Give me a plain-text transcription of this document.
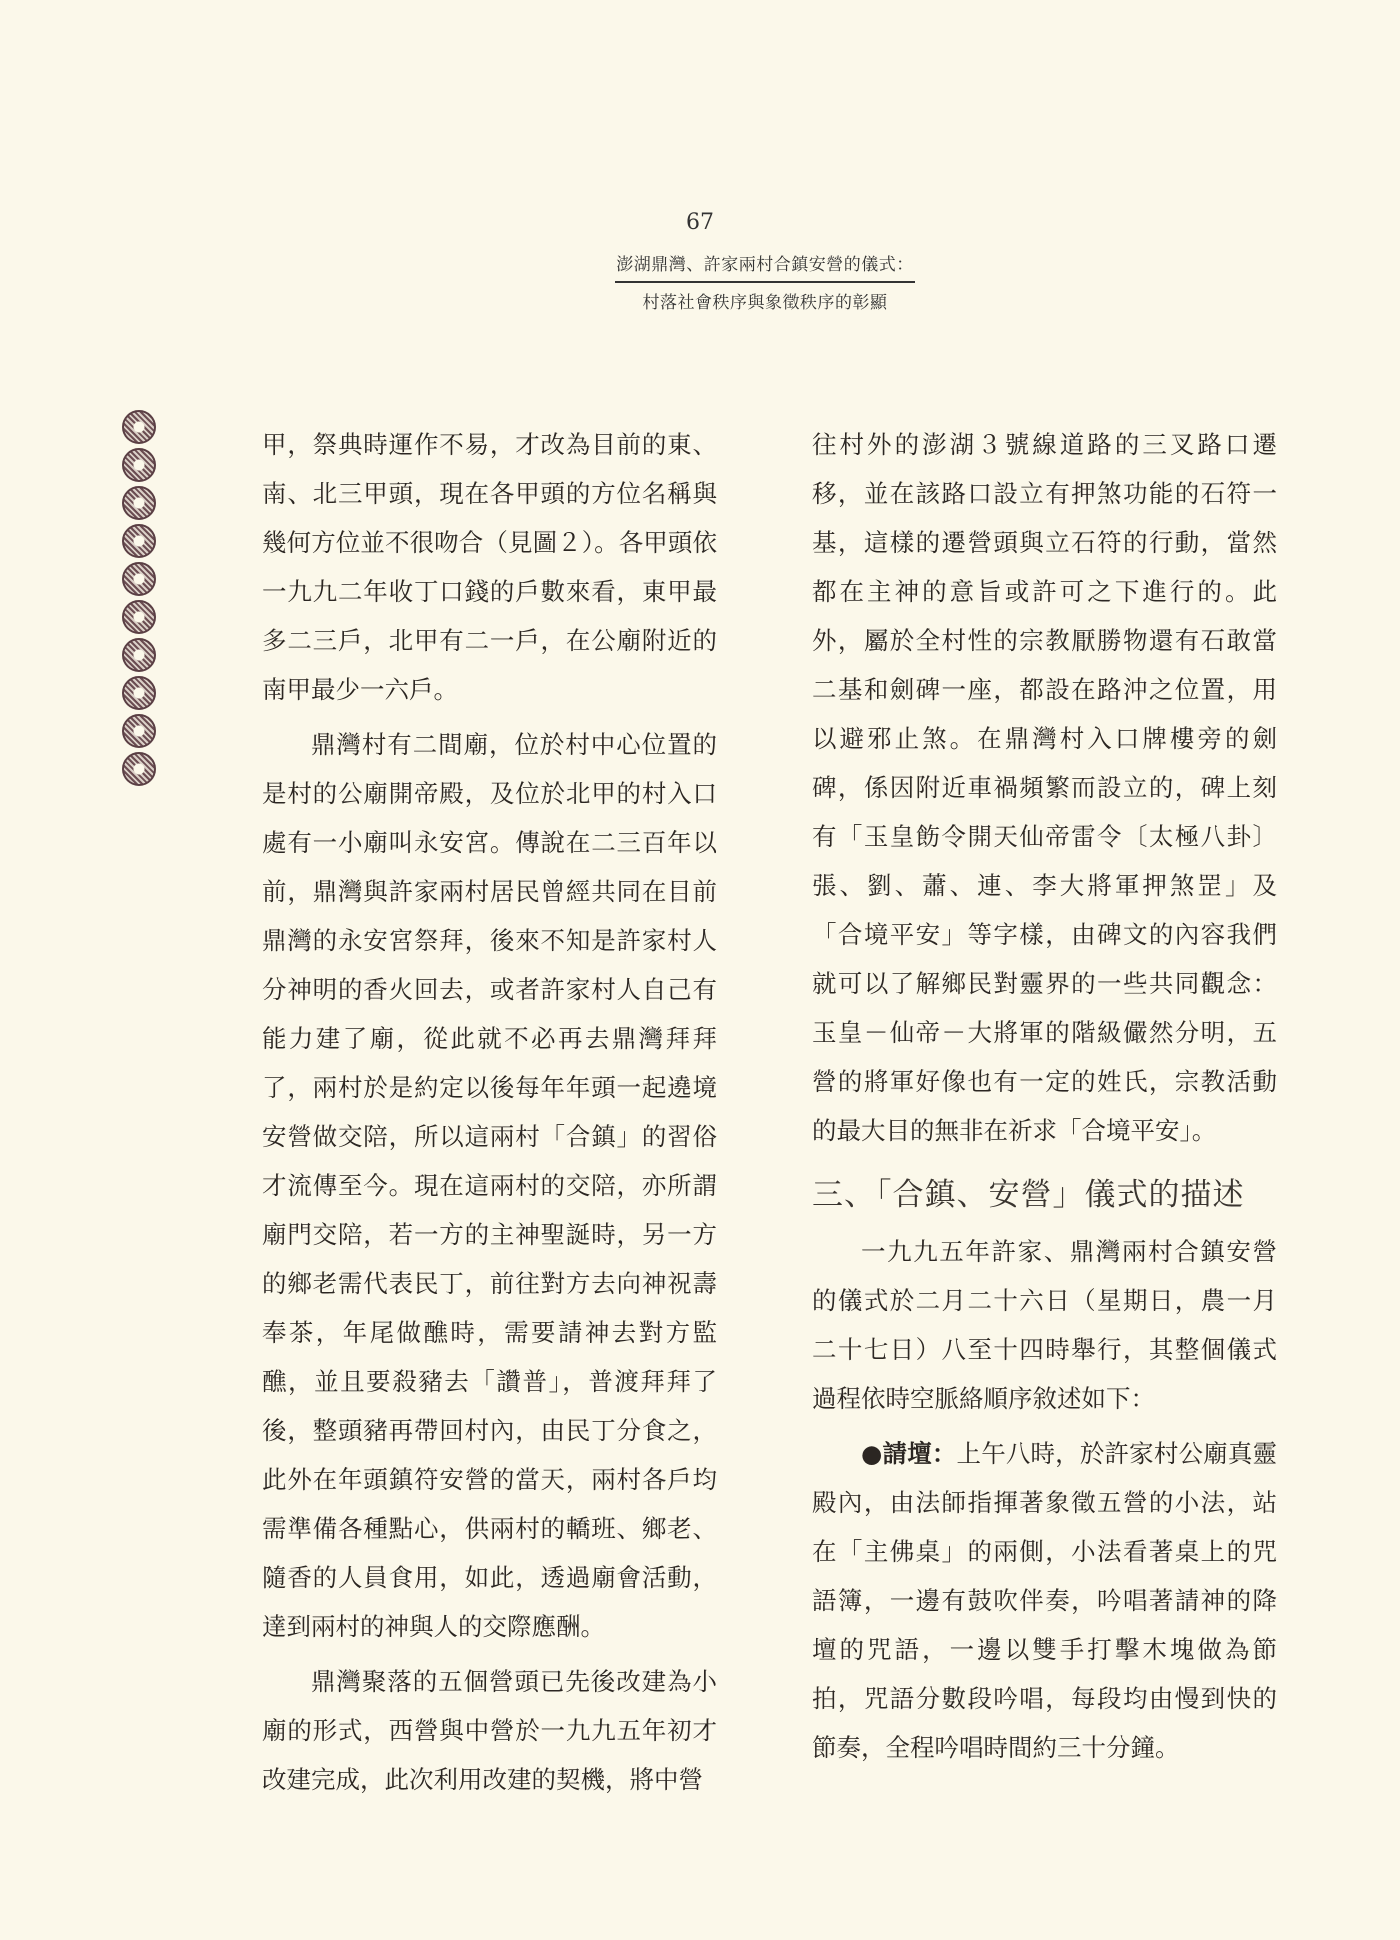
67
澎湖鼎灣、許家兩村合鎮安營的儀式：
村落社會秩序與象徵秩序的彰顯

甲，祭典時運作不易，才改為目前的東、南、北三甲頭，現在各甲頭的方位名稱與幾何方位並不很吻合（見圖２）。各甲頭依一九九二年收丁口錢的戶數來看，東甲最多二三戶，北甲有二一戶，在公廟附近的南甲最少一六戶。

鼎灣村有二間廟，位於村中心位置的是村的公廟開帝殿，及位於北甲的村入口處有一小廟叫永安宮。傳說在二三百年以前，鼎灣與許家兩村居民曾經共同在目前鼎灣的永安宮祭拜，後來不知是許家村人分神明的香火回去，或者許家村人自己有能力建了廟，從此就不必再去鼎灣拜拜了，兩村於是約定以後每年年頭一起遶境安營做交陪，所以這兩村「合鎮」的習俗才流傳至今。現在這兩村的交陪，亦所謂廟門交陪，若一方的主神聖誕時，另一方的鄉老需代表民丁，前往對方去向神祝壽奉茶，年尾做醮時，需要請神去對方監醮，並且要殺豬去「讚普」，普渡拜拜了後，整頭豬再帶回村內，由民丁分食之，此外在年頭鎮符安營的當天，兩村各戶均需準備各種點心，供兩村的轎班、鄉老、隨香的人員食用，如此，透過廟會活動，達到兩村的神與人的交際應酬。

鼎灣聚落的五個營頭已先後改建為小廟的形式，西營與中營於一九九五年初才改建完成，此次利用改建的契機，將中營

往村外的澎湖３號線道路的三叉路口遷移，並在該路口設立有押煞功能的石符一基，這樣的遷營頭與立石符的行動，當然都在主神的意旨或許可之下進行的。此外，屬於全村性的宗教厭勝物還有石敢當二基和劍碑一座，都設在路沖之位置，用以避邪止煞。在鼎灣村入口牌樓旁的劍碑，係因附近車禍頻繁而設立的，碑上刻有「玉皇飭令開天仙帝雷令〔太極八卦〕張、劉、蕭、連、李大將軍押煞罡」及「合境平安」等字樣，由碑文的內容我們就可以了解鄉民對靈界的一些共同觀念：玉皇－仙帝－大將軍的階級儼然分明，五營的將軍好像也有一定的姓氏，宗教活動的最大目的無非在祈求「合境平安」。

三、「合鎮、安營」儀式的描述

一九九五年許家、鼎灣兩村合鎮安營的儀式於二月二十六日（星期日，農一月二十七日）八至十四時舉行，其整個儀式過程依時空脈絡順序敘述如下：

●請壇：上午八時，於許家村公廟真靈殿內，由法師指揮著象徵五營的小法，站在「主佛桌」的兩側，小法看著桌上的咒語簿，一邊有鼓吹伴奏，吟唱著請神的降壇的咒語，一邊以雙手打擊木塊做為節拍，咒語分數段吟唱，每段均由慢到快的節奏，全程吟唱時間約三十分鐘。
